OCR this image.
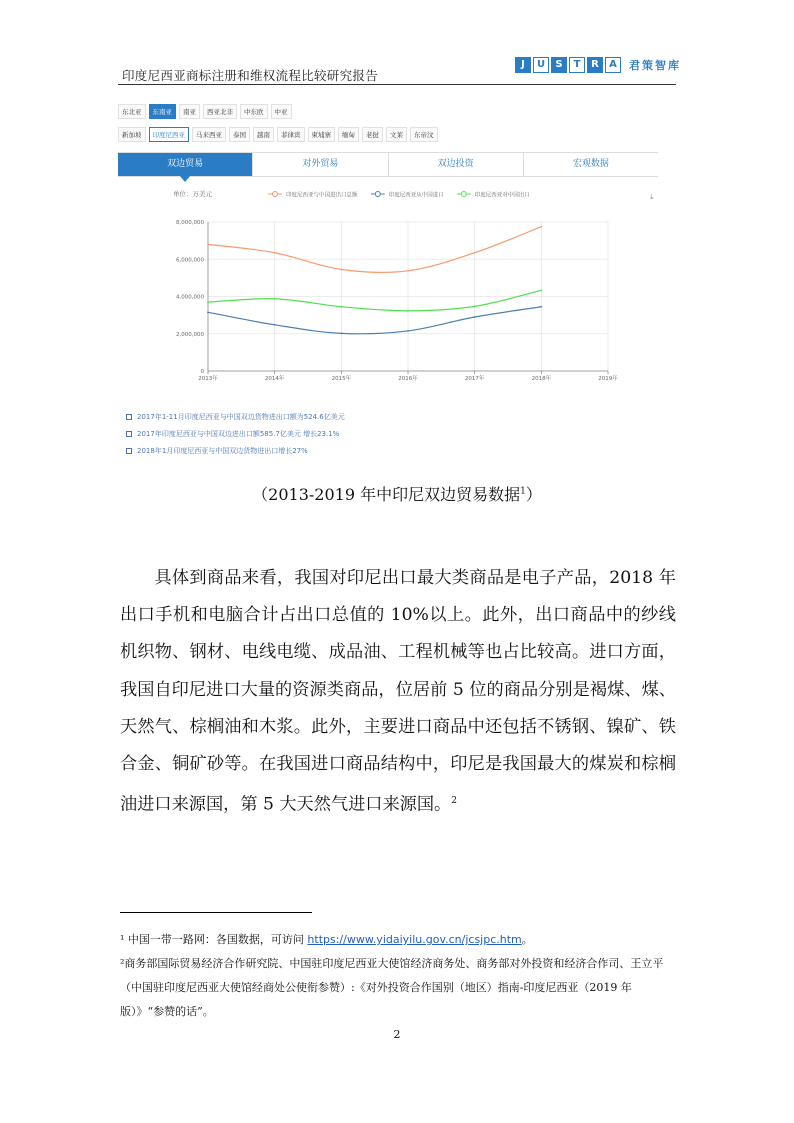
印度尼西亚商标注册和维权流程比较研究报告
J	U	S	T	R	A	君策智库
东北亚	东南亚	南亚	西亚北非	中东欧	中亚
新加坡	印度尼西亚	马来西亚	泰国	越南	菲律宾	柬埔寨	缅甸	老挝	文莱	东帝汶
双边贸易	对外贸易	双边投资	宏观数据
单位：万美元	印度尼西亚与中国进出口总额	印度尼西亚从中国进口	印度尼西亚对中国出口	⤓
0
2,000,000
4,000,000
6,000,000
8,000,000
2013年	2014年	2015年	2016年	2017年	2018年	2019年
2017年1-11月印度尼西亚与中国双边货物进出口额为524.6亿美元
2017年印度尼西亚与中国双边进出口额585.7亿美元 增长23.1%
2018年1月印度尼西亚与中国双边货物进出口增长27%
（2013-2019 年中印尼双边贸易数据$^1$）

具体到商品来看，我国对印尼出口最大类商品是电子产品，2018 年出口手机和电脑合计占出口总值的 10%以上。此外，出口商品中的纱线机织物、钢材、电线电缆、成品油、工程机械等也占比较高。进口方面，我国自印尼进口大量的资源类商品，位居前 5 位的商品分别是褐煤、煤、天然气、棕榈油和木浆。此外，主要进口商品中还包括不锈钢、镍矿、铁合金、铜矿砂等。在我国进口商品结构中，印尼是我国最大的煤炭和棕榈油进口来源国，第 5 大天然气进口来源国。$^2$

¹ 中国一带一路网：各国数据，可访问 https://www.yidaiyilu.gov.cn/jcsjpc.htm。

²商务部国际贸易经济合作研究院、中国驻印度尼西亚大使馆经济商务处、商务部对外投资和经济合作司、王立平（中国驻印度尼西亚大使馆经商处公使衔参赞）:《对外投资合作国别（地区）指南-印度尼西亚（2019 年版）》“参赞的话”。

2
